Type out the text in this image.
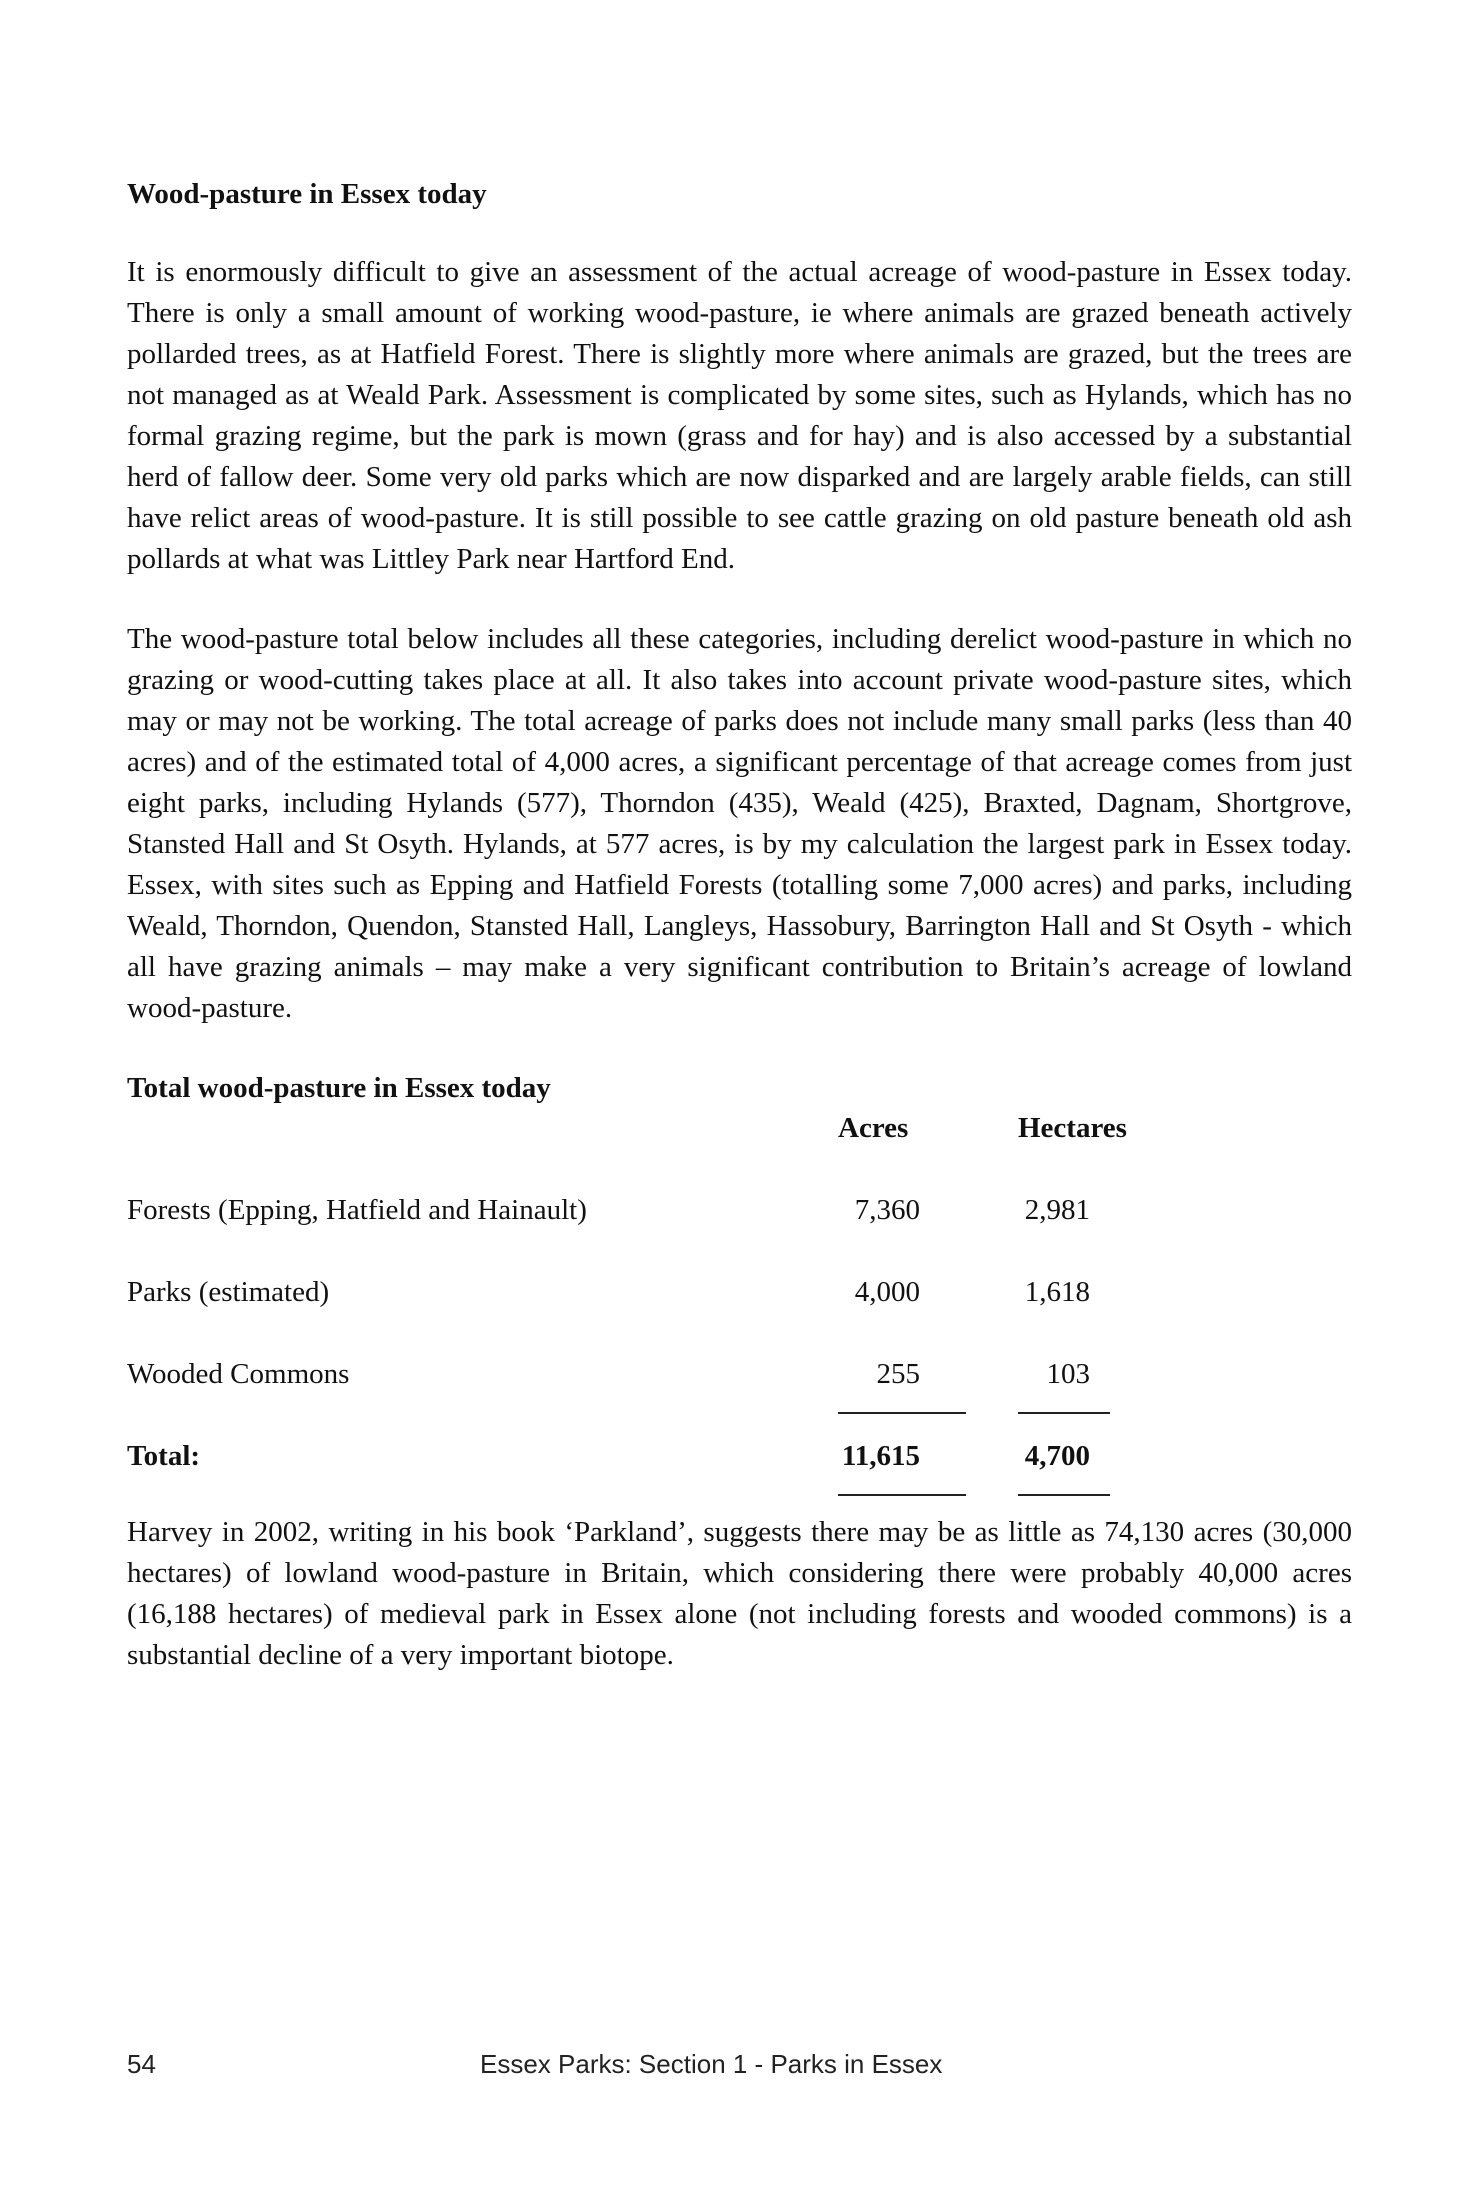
Wood-pasture in Essex today

It is enormously difficult to give an assessment of the actual acreage of wood-pasture in Essex today. There is only a small amount of working wood-pasture, ie where animals are grazed beneath actively pollarded trees, as at Hatfield Forest. There is slightly more where animals are grazed, but the trees are not managed as at Weald Park. Assessment is complicated by some sites, such as Hylands, which has no formal grazing regime, but the park is mown (grass and for hay) and is also accessed by a substantial herd of fallow deer. Some very old parks which are now disparked and are largely arable fields, can still have relict areas of wood-pasture. It is still possible to see cattle grazing on old pasture beneath old ash pollards at what was Littley Park near Hartford End.

The wood-pasture total below includes all these categories, including derelict wood-pasture in which no grazing or wood-cutting takes place at all. It also takes into account private wood-pasture sites, which may or may not be working. The total acreage of parks does not include many small parks (less than 40 acres) and of the estimated total of 4,000 acres, a significant percentage of that acreage comes from just eight parks, including Hylands (577), Thorndon (435), Weald (425), Braxted, Dagnam, Shortgrove, Stansted Hall and St Osyth. Hylands, at 577 acres, is by my calculation the largest park in Essex today. Essex, with sites such as Epping and Hatfield Forests (totalling some 7,000 acres) and parks, including Weald, Thorndon, Quendon, Stansted Hall, Langleys, Hassobury, Barrington Hall and St Osyth - which all have grazing animals – may make a very significant contribution to Britain’s acreage of lowland wood-pasture.

Total wood-pasture in Essex today
Acres	Hectares
Forests (Epping, Hatfield and Hainault)	7,360	2,981
Parks (estimated)	4,000	1,618
Wooded Commons	255	103
Total:	11,615	4,700

Harvey in 2002, writing in his book ‘Parkland’, suggests there may be as little as 74,130 acres (30,000 hectares) of lowland wood-pasture in Britain, which considering there were probably 40,000 acres (16,188 hectares) of medieval park in Essex alone (not including forests and wooded commons) is a substantial decline of a very important biotope.

54	Essex Parks: Section 1 - Parks in Essex
